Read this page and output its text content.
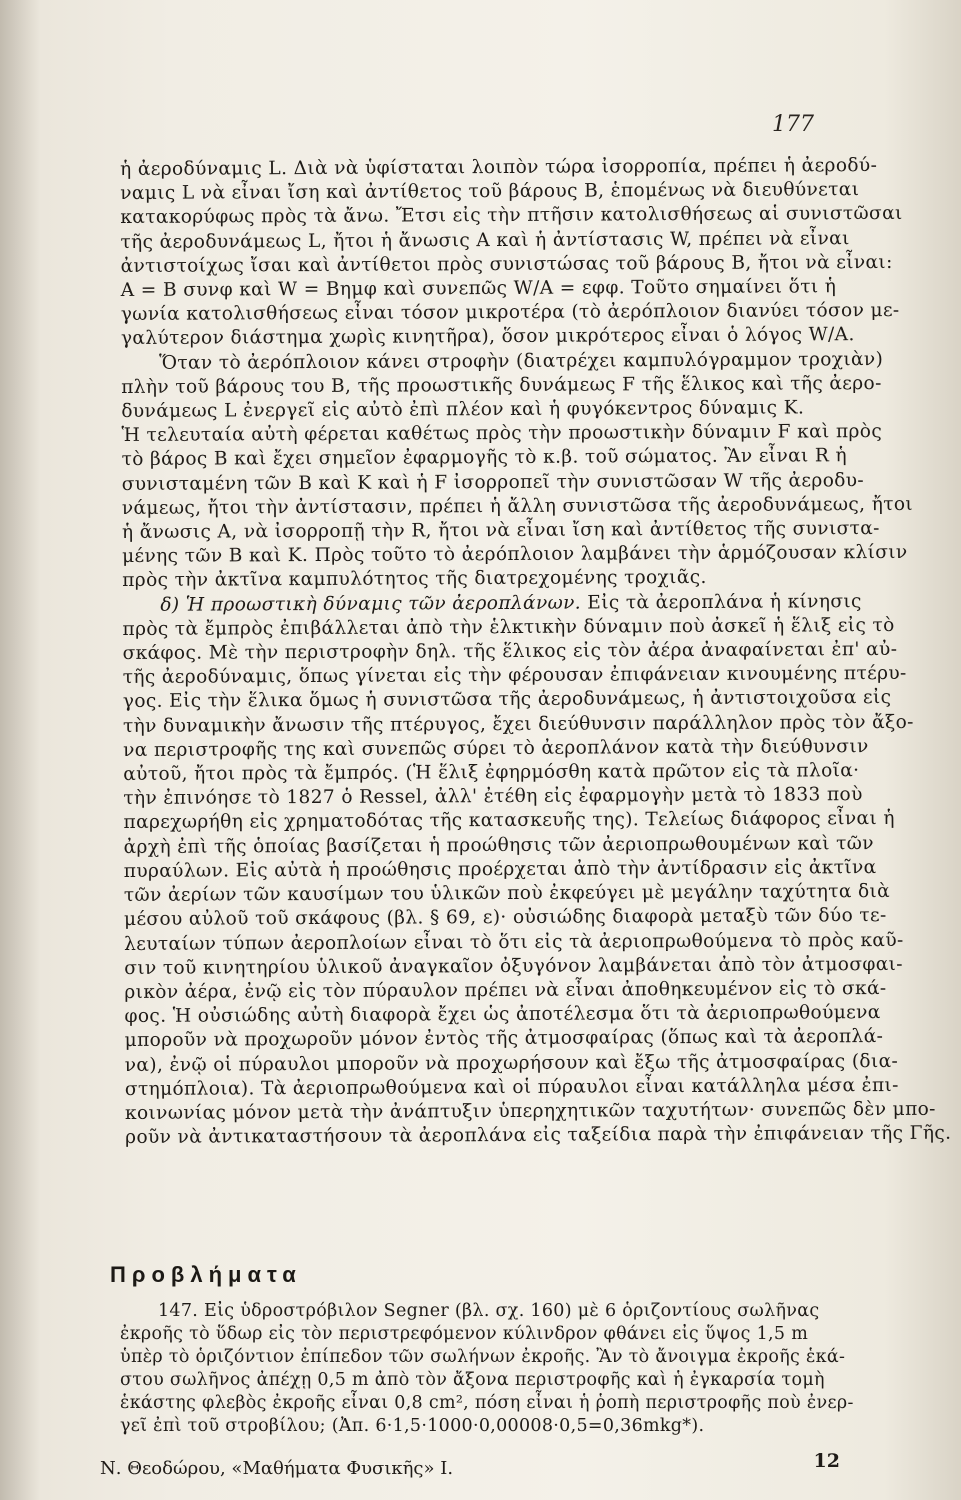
177
ἡ ἀεροδύναμις L. Διὰ νὰ ὑφίσταται λοιπὸν τώρα ἰσορροπία, πρέπει ἡ ἀεροδύ-
ναμις L νὰ εἶναι ἴση καὶ ἀντίθετος τοῦ βάρους Β, ἑπομένως νὰ διευθύνεται
κατακορύφως πρὸς τὰ ἄνω. Ἔτσι εἰς τὴν πτῆσιν κατολισθήσεως αἱ συνιστῶσαι
τῆς ἀεροδυνάμεως L, ἤτοι ἡ ἄνωσις Α καὶ ἡ ἀντίστασις W, πρέπει νὰ εἶναι
ἀντιστοίχως ἴσαι καὶ ἀντίθετοι πρὸς συνιστώσας τοῦ βάρους Β, ἤτοι νὰ εἶναι:
Α = Β συνφ καὶ W = Βημφ καὶ συνεπῶς W/A = εφφ. Τοῦτο σημαίνει ὅτι ἡ
γωνία κατολισθήσεως εἶναι τόσον μικροτέρα (τὸ ἀερόπλοιον διανύει τόσον με-
γαλύτερον διάστημα χωρὶς κινητῆρα), ὅσον μικρότερος εἶναι ὁ λόγος W/A.
Ὅταν τὸ ἀερόπλοιον κάνει στροφὴν (διατρέχει καμπυλόγραμμον τροχιὰν)
πλὴν τοῦ βάρους του Β, τῆς προωστικῆς δυνάμεως F τῆς ἕλικος καὶ τῆς ἀερο-
δυνάμεως L ἐνεργεῖ εἰς αὐτὸ ἐπὶ πλέον καὶ ἡ φυγόκεντρος δύναμις Κ.
Ἡ τελευταία αὐτὴ φέρεται καθέτως πρὸς τὴν προωστικὴν δύναμιν F καὶ πρὸς
τὸ βάρος Β καὶ ἔχει σημεῖον ἐφαρμογῆς τὸ κ.β. τοῦ σώματος. Ἂν εἶναι R ἡ
συνισταμένη τῶν Β καὶ Κ καὶ ἡ F ἰσορροπεῖ τὴν συνιστῶσαν W τῆς ἀεροδυ-
νάμεως, ἤτοι τὴν ἀντίστασιν, πρέπει ἡ ἄλλη συνιστῶσα τῆς ἀεροδυνάμεως, ἤτοι
ἡ ἄνωσις Α, νὰ ἰσορροπῇ τὴν R, ἤτοι νὰ εἶναι ἴση καὶ ἀντίθετος τῆς συνιστα-
μένης τῶν Β καὶ Κ. Πρὸς τοῦτο τὸ ἀερόπλοιον λαμβάνει τὴν ἁρμόζουσαν κλίσιν
πρὸς τὴν ἀκτῖνα καμπυλότητος τῆς διατρεχομένης τροχιᾶς.
δ) Ἡ προωστικὴ δύναμις τῶν ἀεροπλάνων. Εἰς τὰ ἀεροπλάνα ἡ κίνησις
πρὸς τὰ ἔμπρὸς ἐπιβάλλεται ἀπὸ τὴν ἑλκτικὴν δύναμιν ποὺ ἀσκεῖ ἡ ἕλιξ εἰς τὸ
σκάφος. Μὲ τὴν περιστροφὴν δηλ. τῆς ἕλικος εἰς τὸν ἀέρα ἀναφαίνεται ἐπ' αὐ-
τῆς ἀεροδύναμις, ὅπως γίνεται εἰς τὴν φέρουσαν ἐπιφάνειαν κινουμένης πτέρυ-
γος. Εἰς τὴν ἕλικα ὅμως ἡ συνιστῶσα τῆς ἀεροδυνάμεως, ἡ ἀντιστοιχοῦσα εἰς
τὴν δυναμικὴν ἄνωσιν τῆς πτέρυγος, ἔχει διεύθυνσιν παράλληλον πρὸς τὸν ἄξο-
να περιστροφῆς της καὶ συνεπῶς σύρει τὸ ἀεροπλάνον κατὰ τὴν διεύθυνσιν
αὐτοῦ, ἤτοι πρὸς τὰ ἔμπρός. (Ἡ ἕλιξ ἐφηρμόσθη κατὰ πρῶτον εἰς τὰ πλοῖα·
τὴν ἐπινόησε τὸ 1827 ὁ Ressel, ἀλλ' ἐτέθη εἰς ἐφαρμογὴν μετὰ τὸ 1833 ποὺ
παρεχωρήθη εἰς χρηματοδότας τῆς κατασκευῆς της). Τελείως διάφορος εἶναι ἡ
ἀρχὴ ἐπὶ τῆς ὁποίας βασίζεται ἡ προώθησις τῶν ἀεριοπρωθουμένων καὶ τῶν
πυραύλων. Εἰς αὐτὰ ἡ προώθησις προέρχεται ἀπὸ τὴν ἀντίδρασιν εἰς ἀκτῖνα
τῶν ἀερίων τῶν καυσίμων του ὑλικῶν ποὺ ἐκφεύγει μὲ μεγάλην ταχύτητα διὰ
μέσου αὐλοῦ τοῦ σκάφους (βλ. § 69, ε)· οὐσιώδης διαφορὰ μεταξὺ τῶν δύο τε-
λευταίων τύπων ἀεροπλοίων εἶναι τὸ ὅτι εἰς τὰ ἀεριοπρωθούμενα τὸ πρὸς καῦ-
σιν τοῦ κινητηρίου ὑλικοῦ ἀναγκαῖον ὀξυγόνον λαμβάνεται ἀπὸ τὸν ἀτμοσφαι-
ρικὸν ἀέρα, ἐνῷ εἰς τὸν πύραυλον πρέπει νὰ εἶναι ἀποθηκευμένον εἰς τὸ σκά-
φος. Ἡ οὐσιώδης αὐτὴ διαφορὰ ἔχει ὡς ἀποτέλεσμα ὅτι τὰ ἀεριοπρωθούμενα
μποροῦν νὰ προχωροῦν μόνον ἐντὸς τῆς ἀτμοσφαίρας (ὅπως καὶ τὰ ἀεροπλά-
να), ἐνῷ οἱ πύραυλοι μποροῦν νὰ προχωρήσουν καὶ ἔξω τῆς ἀτμοσφαίρας (δια-
στημόπλοια). Τὰ ἀεριοπρωθούμενα καὶ οἱ πύραυλοι εἶναι κατάλληλα μέσα ἐπι-
κοινωνίας μόνον μετὰ τὴν ἀνάπτυξιν ὑπερηχητικῶν ταχυτήτων· συνεπῶς δὲν μπο-
ροῦν νὰ ἀντικαταστήσουν τὰ ἀεροπλάνα εἰς ταξείδια παρὰ τὴν ἐπιφάνειαν τῆς Γῆς.
Προβλήματα
147. Εἰς ὑδροστρόβιλον Segner (βλ. σχ. 160) μὲ 6 ὁριζοντίους σωλῆνας
ἐκροῆς τὸ ὕδωρ εἰς τὸν περιστρεφόμενον κύλινδρον φθάνει εἰς ὕψος 1,5 m
ὑπὲρ τὸ ὁριζόντιον ἐπίπεδον τῶν σωλήνων ἐκροῆς. Ἂν τὸ ἄνοιγμα ἐκροῆς ἑκά-
στου σωλῆνος ἀπέχῃ 0,5 m ἀπὸ τὸν ἄξονα περιστροφῆς καὶ ἡ ἐγκαρσία τομὴ
ἑκάστης φλεβὸς ἐκροῆς εἶναι 0,8 cm², πόση εἶναι ἡ ῥοπὴ περιστροφῆς ποὺ ἐνερ-
γεῖ ἐπὶ τοῦ στροβίλου; (Ἀπ. 6·1,5·1000·0,00008·0,5=0,36mkg*).
Ν. Θεοδώρου, «Μαθήματα Φυσικῆς» Ι.	12
